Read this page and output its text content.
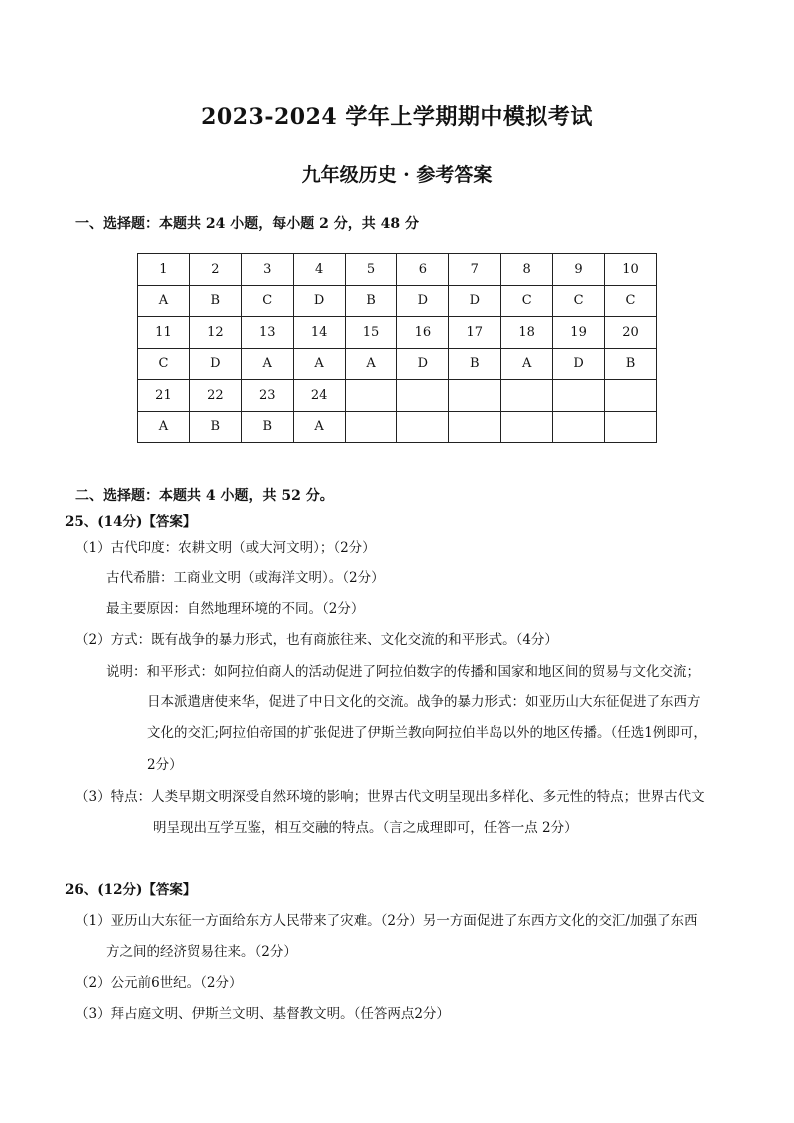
2023-2024 学年上学期期中模拟考试
九年级历史 · 参考答案
一、选择题：本题共 24 小题，每小题 2 分，共 48 分
1	2	3	4	5	6	7	8	9	10
A	B	C	D	B	D	D	C	C	C
11	12	13	14	15	16	17	18	19	20
C	D	A	A	A	D	B	A	D	B
21	22	23	24						
A	B	B	A						
二、选择题：本题共 4 小题，共 52 分。
25、(14分)【答案】
（1）古代印度：农耕文明（或大河文明）；（2分）
古代希腊：工商业文明（或海洋文明）。（2分）
最主要原因：自然地理环境的不同。（2分）
（2）方式：既有战争的暴力形式，也有商旅往来、文化交流的和平形式。（4分）
说明：和平形式：如阿拉伯商人的活动促进了阿拉伯数字的传播和国家和地区间的贸易与文化交流；
日本派遣唐使来华，促进了中日文化的交流。战争的暴力形式：如亚历山大东征促进了东西方
文化的交汇;阿拉伯帝国的扩张促进了伊斯兰教向阿拉伯半岛以外的地区传播。（任选1例即可，
2分）
（3）特点：人类早期文明深受自然环境的影响；世界古代文明呈现出多样化、多元性的特点；世界古代文
明呈现出互学互鉴，相互交融的特点。（言之成理即可，任答一点 2分）
26、(12分)【答案】
（1）亚历山大东征一方面给东方人民带来了灾难。（2分）另一方面促进了东西方文化的交汇/加强了东西
方之间的经济贸易往来。（2分）
（2）公元前6世纪。（2分）
（3）拜占庭文明、伊斯兰文明、基督教文明。（任答两点2分）
